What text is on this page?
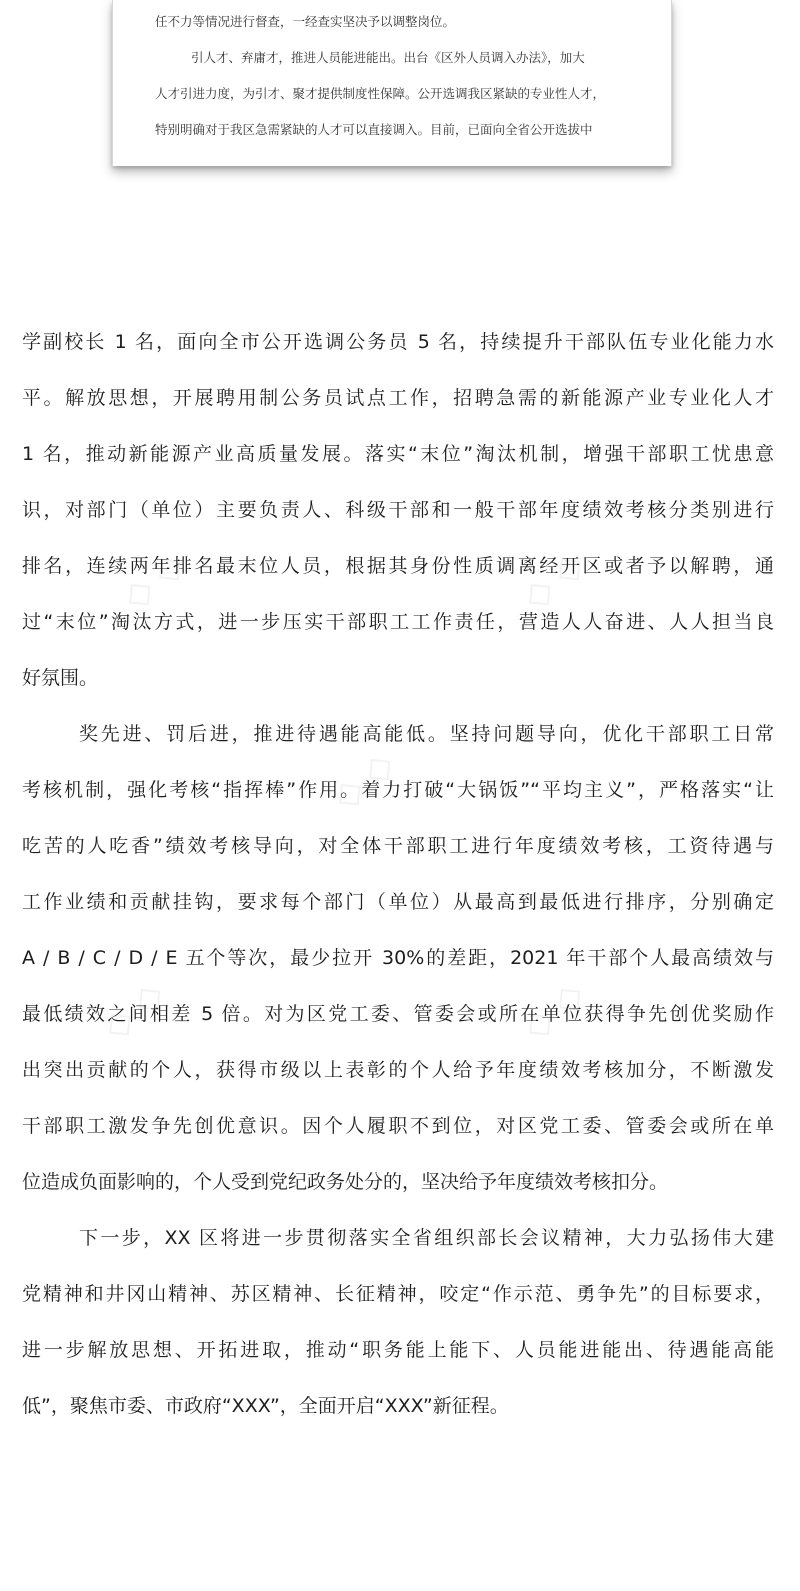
任不力等情况进行督查，一经查实坚决予以调整岗位。
引人才、弃庸才，推进人员能进能出。出台《区外人员调入办法》，加大
人才引进力度，为引才、聚才提供制度性保障。公开选调我区紧缺的专业性人才，
特别明确对于我区急需紧缺的人才可以直接调入。目前，已面向全省公开选拔中
◇ ◇	◇ ◇
◇ ◇
◇ ◇	◇ ◇
学副校长 1 名，面向全市公开选调公务员 5 名，持续提升干部队伍专业化能力水
平。解放思想，开展聘用制公务员试点工作，招聘急需的新能源产业专业化人才
1 名，推动新能源产业高质量发展。落实“末位”淘汰机制，增强干部职工忧患意
识，对部门（单位）主要负责人、科级干部和一般干部年度绩效考核分类别进行
排名，连续两年排名最末位人员，根据其身份性质调离经开区或者予以解聘，通
过“末位”淘汰方式，进一步压实干部职工工作责任，营造人人奋进、人人担当良
好氛围。
奖先进、罚后进，推进待遇能高能低。坚持问题导向，优化干部职工日常
考核机制，强化考核“指挥棒”作用。着力打破“大锅饭”“平均主义”，严格落实“让
吃苦的人吃香”绩效考核导向，对全体干部职工进行年度绩效考核，工资待遇与
工作业绩和贡献挂钩，要求每个部门（单位）从最高到最低进行排序，分别确定
A / B / C / D / E 五个等次，最少拉开 30%的差距，2021 年干部个人最高绩效与
最低绩效之间相差 5 倍。对为区党工委、管委会或所在单位获得争先创优奖励作
出突出贡献的个人，获得市级以上表彰的个人给予年度绩效考核加分，不断激发
干部职工激发争先创优意识。因个人履职不到位，对区党工委、管委会或所在单
位造成负面影响的，个人受到党纪政务处分的，坚决给予年度绩效考核扣分。
下一步，XX 区将进一步贯彻落实全省组织部长会议精神，大力弘扬伟大建
党精神和井冈山精神、苏区精神、长征精神，咬定“作示范、勇争先”的目标要求，
进一步解放思想、开拓进取，推动“职务能上能下、人员能进能出、待遇能高能
低”，聚焦市委、市政府“XXX”，全面开启“XXX”新征程。
